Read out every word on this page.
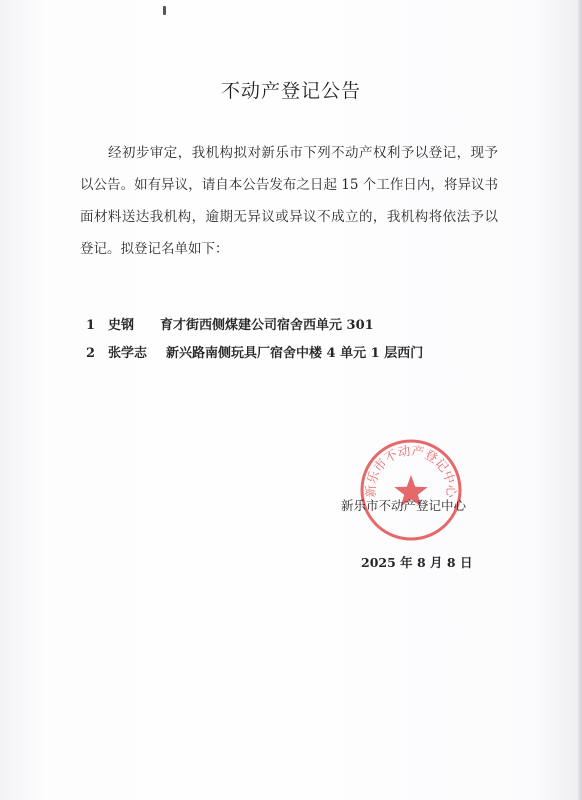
不动产登记公告

经初步审定，我机构拟对新乐市下列不动产权利予以登记，现予以公告。如有异议，请自本公告发布之日起 15 个工作日内，将异议书面材料送达我机构，逾期无异议或异议不成立的，我机构将依法予以登记。拟登记名单如下：

1 史钢 育才街西侧煤建公司宿舍西单元 301
2 张学志 新兴路南侧玩具厂宿舍中楼 4 单元 1 层西门
新乐市不动产登记中心
新乐市不动产登记中心
2025 年 8 月 8 日
